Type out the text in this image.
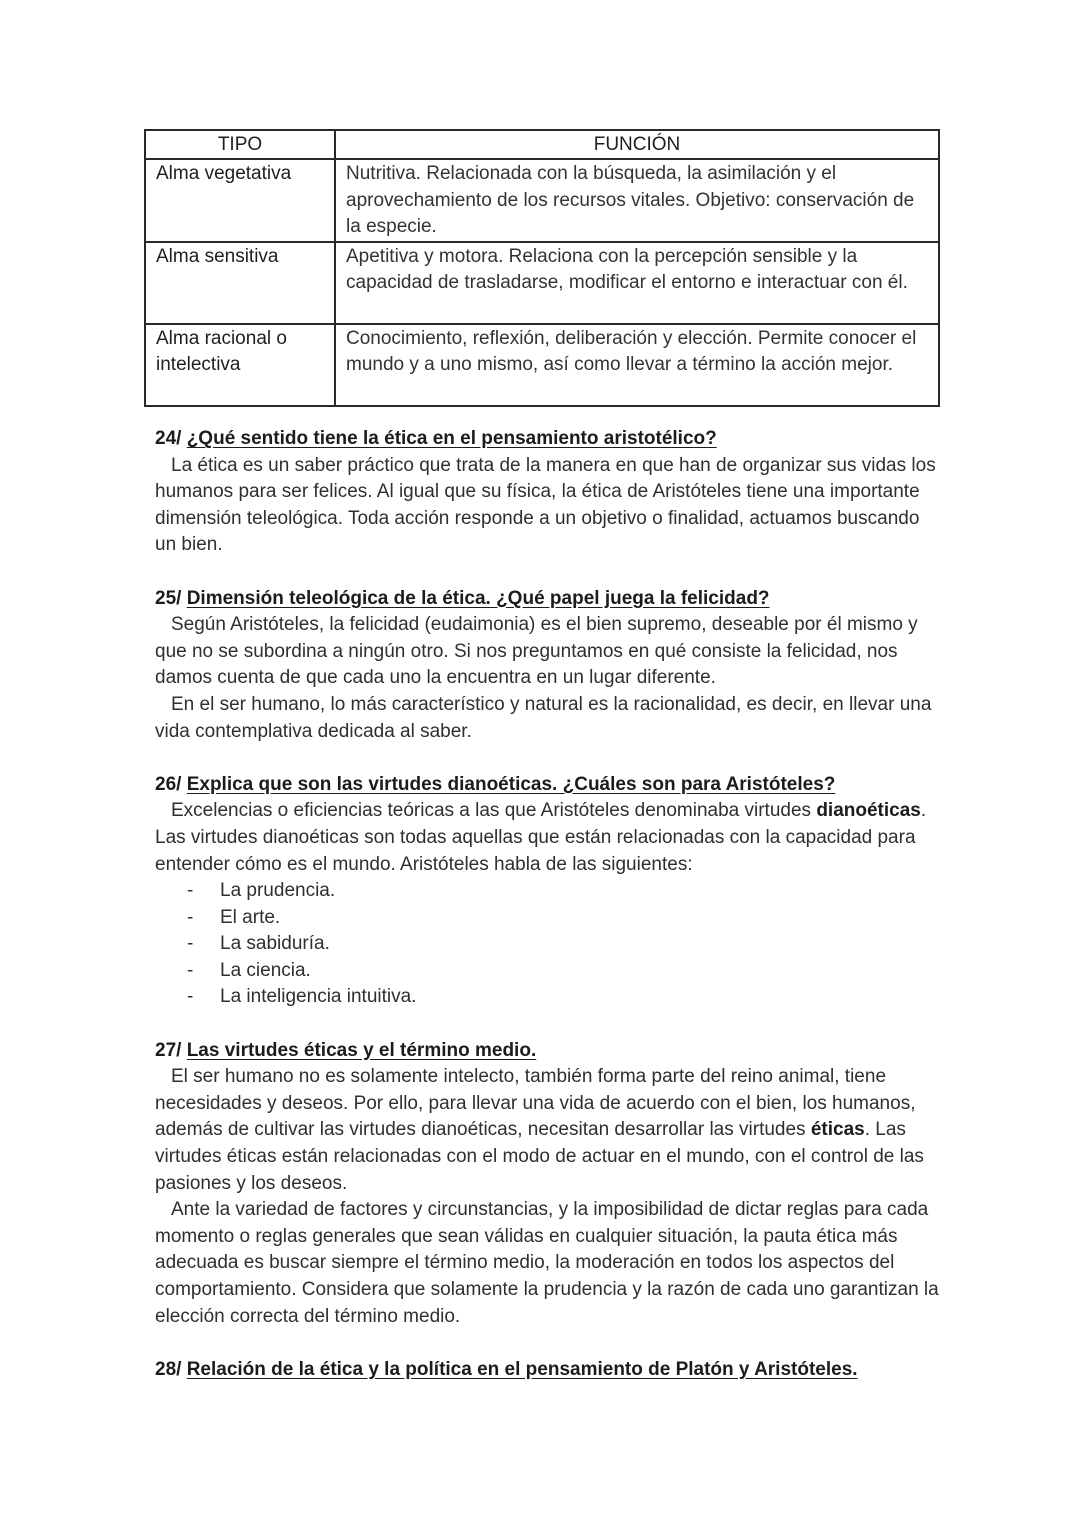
TIPO	FUNCIÓN
Alma vegetativa	Nutritiva. Relacionada con la búsqueda, la asimilación y el aprovechamiento de los recursos vitales. Objetivo: conservación de la especie.
Alma sensitiva	Apetitiva y motora. Relaciona con la percepción sensible y la capacidad de trasladarse, modificar el entorno e interactuar con él.
Alma racional o intelectiva	Conocimiento, reflexión, deliberación y elección. Permite conocer el mundo y a uno mismo, así como llevar a término la acción mejor.

24/ ¿Qué sentido tiene la ética en el pensamiento aristotélico?

La ética es un saber práctico que trata de la manera en que han de organizar sus vidas los humanos para ser felices. Al igual que su física, la ética de Aristóteles tiene una importante dimensión teleológica. Toda acción responde a un objetivo o finalidad, actuamos buscando un bien.

25/ Dimensión teleológica de la ética. ¿Qué papel juega la felicidad?

Según Aristóteles, la felicidad (eudaimonia) es el bien supremo, deseable por él mismo y que no se subordina a ningún otro. Si nos preguntamos en qué consiste la felicidad, nos damos cuenta de que cada uno la encuentra en un lugar diferente.

En el ser humano, lo más característico y natural es la racionalidad, es decir, en llevar una vida contemplativa dedicada al saber.

26/ Explica que son las virtudes dianoéticas. ¿Cuáles son para Aristóteles?

Excelencias o eficiencias teóricas a las que Aristóteles denominaba virtudes dianoéticas. Las virtudes dianoéticas son todas aquellas que están relacionadas con la capacidad para entender cómo es el mundo. Aristóteles habla de las siguientes:

- La prudencia.
- El arte.
- La sabiduría.
- La ciencia.
- La inteligencia intuitiva.

27/ Las virtudes éticas y el término medio.

El ser humano no es solamente intelecto, también forma parte del reino animal, tiene necesidades y deseos. Por ello, para llevar una vida de acuerdo con el bien, los humanos, además de cultivar las virtudes dianoéticas, necesitan desarrollar las virtudes éticas. Las virtudes éticas están relacionadas con el modo de actuar en el mundo, con el control de las pasiones y los deseos.

Ante la variedad de factores y circunstancias, y la imposibilidad de dictar reglas para cada momento o reglas generales que sean válidas en cualquier situación, la pauta ética más adecuada es buscar siempre el término medio, la moderación en todos los aspectos del comportamiento. Considera que solamente la prudencia y la razón de cada uno garantizan la elección correcta del término medio.

28/ Relación de la ética y la política en el pensamiento de Platón y Aristóteles.
